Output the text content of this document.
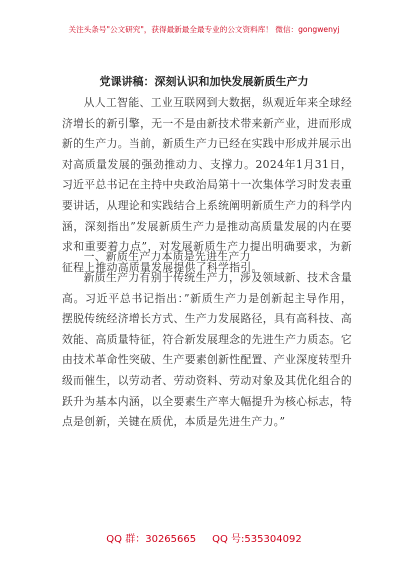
关注头条号"公文研究"，获得最新最全最专业的公文资料库！ 微信：gongwenyj
党课讲稿：深刻认识和加快发展新质生产力

从人工智能、工业互联网到大数据，纵观近年来全球经济增长的新引擎，无一不是由新技术带来新产业，进而形成新的生产力。当前，新质生产力已经在实践中形成并展示出对高质量发展的强劲推动力、支撑力。2024年1月31日，习近平总书记在主持中央政治局第十一次集体学习时发表重要讲话，从理论和实践结合上系统阐明新质生产力的科学内涵，深刻指出”发展新质生产力是推动高质量发展的内在要求和重要着力点”，对发展新质生产力提出明确要求，为新征程上推动高质量发展提供了科学指引。

一、新质生产力本质是先进生产力

新质生产力有别于传统生产力，涉及领域新、技术含量高。习近平总书记指出：”新质生产力是创新起主导作用，摆脱传统经济增长方式、生产力发展路径，具有高科技、高效能、高质量特征，符合新发展理念的先进生产力质态。它由技术革命性突破、生产要素创新性配置、产业深度转型升级而催生，以劳动者、劳动资料、劳动对象及其优化组合的跃升为基本内涵，以全要素生产率大幅提升为核心标志，特点是创新，关键在质优，本质是先进生产力。”

QQ 群：30265665 QQ 号:535304092
